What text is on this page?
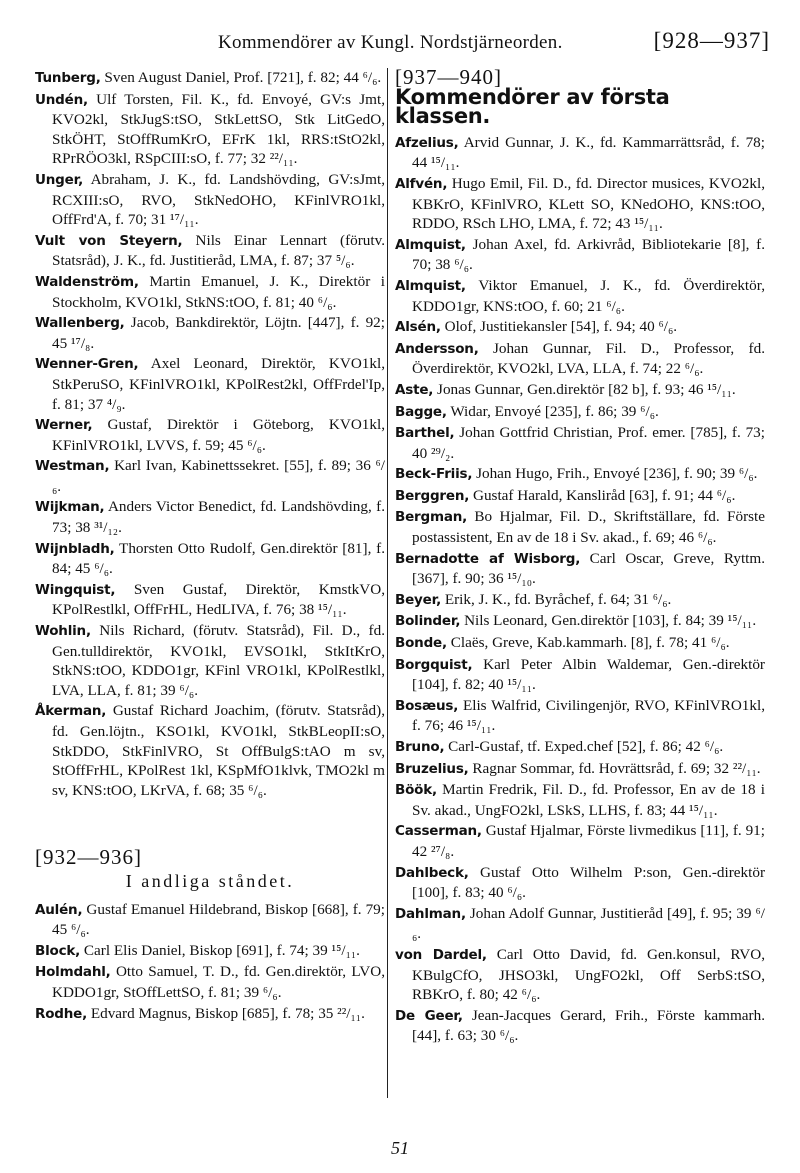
Kommendörer av Kungl. Nordstjärneorden.	[928—937]
Tunberg, Sven August Daniel, Prof. [721], f. 82; 44 ⁶/₆.
Undén, Ulf Torsten, Fil. K., fd. Envoyé, GV:s Jmt, KVO2kl, StkJugS:tSO, StkLettSO, Stk LitGedO, StkÖHT, StOffRumKrO, EFrK 1kl, RRS:tStO2kl, RPrRÖO3kl, RSpCIII:sO, f. 77; 32 ²²/₁₁.
Unger, Abraham, J. K., fd. Landshövding, GV:sJmt, RCXIII:sO, RVO, StkNedOHO, KFinlVRO1kl, OffFrd'A, f. 70; 31 ¹⁷/₁₁.
Vult von Steyern, Nils Einar Lennart (förutv. Statsråd), J. K., fd. Justitieråd, LMA, f. 87; 37 ⁵/₆.
Waldenström, Martin Emanuel, J. K., Direktör i Stockholm, KVO1kl, StkNS:tOO, f. 81; 40 ⁶/₆.
Wallenberg, Jacob, Bankdirektör, Löjtn. [447], f. 92; 45 ¹⁷/₈.
Wenner-Gren, Axel Leonard, Direktör, KVO1kl, StkPeruSO, KFinlVRO1kl, KPolRest2kl, OffFrdel'Ip, f. 81; 37 ⁴/₉.
Werner, Gustaf, Direktör i Göteborg, KVO1kl, KFinlVRO1kl, LVVS, f. 59; 45 ⁶/₆.
Westman, Karl Ivan, Kabinettssekret. [55], f. 89; 36 ⁶/₆.
Wijkman, Anders Victor Benedict, fd. Landshövding, f. 73; 38 ³¹/₁₂.
Wijnbladh, Thorsten Otto Rudolf, Gen.direktör [81], f. 84; 45 ⁶/₆.
Wingquist, Sven Gustaf, Direktör, KmstkVO, KPolRestlkl, OffFrHL, HedLIVA, f. 76; 38 ¹⁵/₁₁.
Wohlin, Nils Richard, (förutv. Statsråd), Fil. D., fd. Gen.tulldirektör, KVO1kl, EVSO1kl, StkItKrO, StkNS:tOO, KDDO1gr, KFinl VRO1kl, KPolRestlkl, LVA, LLA, f. 81; 39 ⁶/₆.
Åkerman, Gustaf Richard Joachim, (förutv. Statsråd), fd. Gen.löjtn., KSO1kl, KVO1kl, StkBLeopII:sO, StkDDO, StkFinlVRO, St OffBulgS:tAO m sv, StOffFrHL, KPolRest 1kl, KSpMfO1klvk, TMO2kl m sv, KNS:tOO, LKrVA, f. 68; 35 ⁶/₆.
[932—936]
I andliga ståndet.
Aulén, Gustaf Emanuel Hildebrand, Biskop [668], f. 79; 45 ⁶/₆.
Block, Carl Elis Daniel, Biskop [691], f. 74; 39 ¹⁵/₁₁.
Holmdahl, Otto Samuel, T. D., fd. Gen.direktör, LVO, KDDO1gr, StOffLettSO, f. 81; 39 ⁶/₆.
Rodhe, Edvard Magnus, Biskop [685], f. 78; 35 ²²/₁₁.
[937—940]
Kommendörer av första klassen.
Afzelius, Arvid Gunnar, J. K., fd. Kammarrättsråd, f. 78; 44 ¹⁵/₁₁.
Alfvén, Hugo Emil, Fil. D., fd. Director musices, KVO2kl, KBKrO, KFinlVRO, KLett SO, KNedOHO, KNS:tOO, RDDO, RSch LHO, LMA, f. 72; 43 ¹⁵/₁₁.
Almquist, Johan Axel, fd. Arkivråd, Bibliotekarie [8], f. 70; 38 ⁶/₆.
Almquist, Viktor Emanuel, J. K., fd. Överdirektör, KDDO1gr, KNS:tOO, f. 60; 21 ⁶/₆.
Alsén, Olof, Justitiekansler [54], f. 94; 40 ⁶/₆.
Andersson, Johan Gunnar, Fil. D., Professor, fd. Överdirektör, KVO2kl, LVA, LLA, f. 74; 22 ⁶/₆.
Aste, Jonas Gunnar, Gen.direktör [82 b], f. 93; 46 ¹⁵/₁₁.
Bagge, Widar, Envoyé [235], f. 86; 39 ⁶/₆.
Barthel, Johan Gottfrid Christian, Prof. emer. [785], f. 73; 40 ²⁹/₂.
Beck-Friis, Johan Hugo, Frih., Envoyé [236], f. 90; 39 ⁶/₆.
Berggren, Gustaf Harald, Kansliråd [63], f. 91; 44 ⁶/₆.
Bergman, Bo Hjalmar, Fil. D., Skriftställare, fd. Förste postassistent, En av de 18 i Sv. akad., f. 69; 46 ⁶/₆.
Bernadotte af Wisborg, Carl Oscar, Greve, Ryttm. [367], f. 90; 36 ¹⁵/₁₀.
Beyer, Erik, J. K., fd. Byråchef, f. 64; 31 ⁶/₆.
Bolinder, Nils Leonard, Gen.direktör [103], f. 84; 39 ¹⁵/₁₁.
Bonde, Claës, Greve, Kab.kammarh. [8], f. 78; 41 ⁶/₆.
Borgquist, Karl Peter Albin Waldemar, Gen.-direktör [104], f. 82; 40 ¹⁵/₁₁.
Bosæus, Elis Walfrid, Civilingenjör, RVO, KFinlVRO1kl, f. 76; 46 ¹⁵/₁₁.
Bruno, Carl-Gustaf, tf. Exped.chef [52], f. 86; 42 ⁶/₆.
Bruzelius, Ragnar Sommar, fd. Hovrättsråd, f. 69; 32 ²²/₁₁.
Böök, Martin Fredrik, Fil. D., fd. Professor, En av de 18 i Sv. akad., UngFO2kl, LSkS, LLHS, f. 83; 44 ¹⁵/₁₁.
Casserman, Gustaf Hjalmar, Förste livmedikus [11], f. 91; 42 ²⁷/₈.
Dahlbeck, Gustaf Otto Wilhelm P:son, Gen.-direktör [100], f. 83; 40 ⁶/₆.
Dahlman, Johan Adolf Gunnar, Justitieråd [49], f. 95; 39 ⁶/₆.
von Dardel, Carl Otto David, fd. Gen.konsul, RVO, KBulgCfO, JHSO3kl, UngFO2kl, Off SerbS:tSO, RBKrO, f. 80; 42 ⁶/₆.
De Geer, Jean-Jacques Gerard, Frih., Förste kammarh. [44], f. 63; 30 ⁶/₆.
51
